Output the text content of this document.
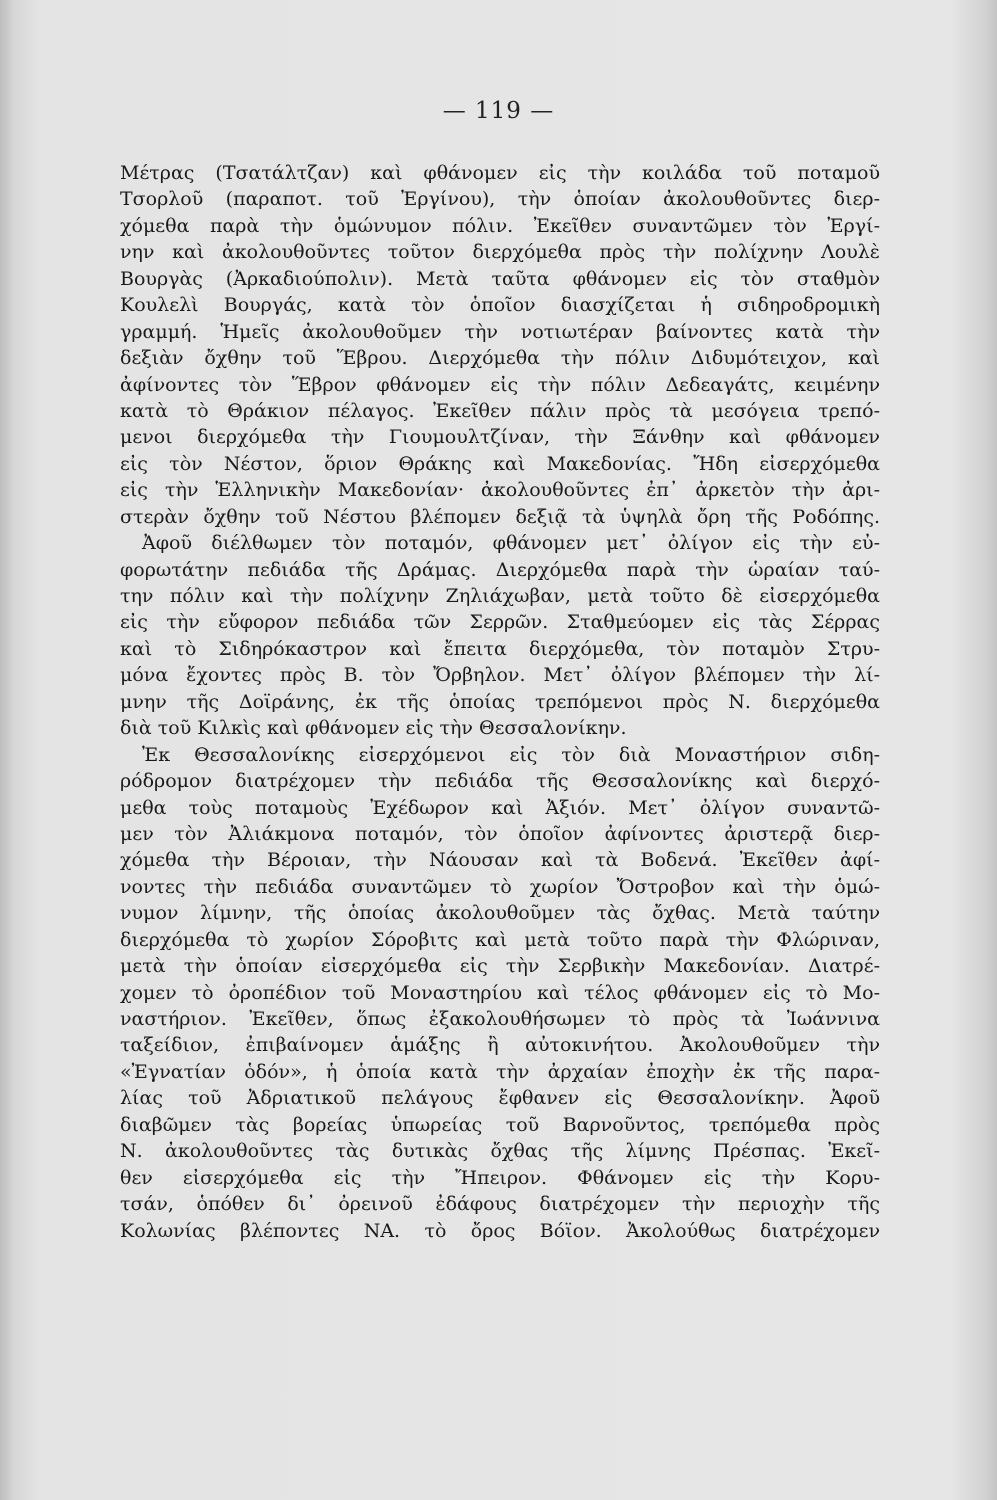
— 119 —
Μέτρας (Τσατάλτζαν) καὶ φθάνομεν εἰς τὴν κοιλάδα τοῦ ποταμοῦ
Τσορλοῦ (παραποτ. τοῦ Ἐργίνου), τὴν ὁποίαν ἀκολουθοῦντες διερ-
χόμεθα παρὰ τὴν ὁμώνυμον πόλιν. Ἐκεῖθεν συναντῶμεν τὸν Ἐργί-
νην καὶ ἀκολουθοῦντες τοῦτον διερχόμεθα πρὸς τὴν πολίχνην Λουλὲ
Βουργὰς (Ἀρκαδιούπολιν). Μετὰ ταῦτα φθάνομεν εἰς τὸν σταθμὸν
Κουλελὶ Βουργάς, κατὰ τὸν ὁποῖον διασχίζεται ἡ σιδηροδρομικὴ
γραμμή. Ἡμεῖς ἀκολουθοῦμεν τὴν νοτιωτέραν βαίνοντες κατὰ τὴν
δεξιὰν ὄχθην τοῦ Ἕβρου. Διερχόμεθα τὴν πόλιν Διδυμότειχον, καὶ
ἀφίνοντες τὸν Ἕβρον φθάνομεν εἰς τὴν πόλιν Δεδεαγάτς, κειμένην
κατὰ τὸ Θράκιον πέλαγος. Ἐκεῖθεν πάλιν πρὸς τὰ μεσόγεια τρεπό-
μενοι διερχόμεθα τὴν Γιουμουλτζίναν, τὴν Ξάνθην καὶ φθάνομεν
εἰς τὸν Νέστον, ὅριον Θράκης καὶ Μακεδονίας. Ἤδη εἰσερχόμεθα
εἰς τὴν Ἑλληνικὴν Μακεδονίαν· ἀκολουθοῦντες ἐπ᾽ ἀρκετὸν τὴν ἀρι-
στερὰν ὄχθην τοῦ Νέστου βλέπομεν δεξιᾷ τὰ ὑψηλὰ ὄρη τῆς Ροδόπης.
Ἀφοῦ διέλθωμεν τὸν ποταμόν, φθάνομεν μετ᾽ ὀλίγον εἰς τὴν εὐ-
φορωτάτην πεδιάδα τῆς Δράμας. Διερχόμεθα παρὰ τὴν ὡραίαν ταύ-
την πόλιν καὶ τὴν πολίχνην Ζηλιάχωβαν, μετὰ τοῦτο δὲ εἰσερχόμεθα
εἰς τὴν εὔφορον πεδιάδα τῶν Σερρῶν. Σταθμεύομεν εἰς τὰς Σέρρας
καὶ τὸ Σιδηρόκαστρον καὶ ἔπειτα διερχόμεθα, τὸν ποταμὸν Στρυ-
μόνα ἔχοντες πρὸς Β. τὸν Ὄρβηλον. Μετ᾽ ὀλίγον βλέπομεν τὴν λί-
μνην τῆς Δοϊράνης, ἐκ τῆς ὁποίας τρεπόμενοι πρὸς Ν. διερχόμεθα
διὰ τοῦ Κιλκὶς καὶ φθάνομεν εἰς τὴν Θεσσαλονίκην.
Ἐκ Θεσσαλονίκης εἰσερχόμενοι εἰς τὸν διὰ Μοναστήριον σιδη-
ρόδρομον διατρέχομεν τὴν πεδιάδα τῆς Θεσσαλονίκης καὶ διερχό-
μεθα τοὺς ποταμοὺς Ἐχέδωρον καὶ Ἀξιόν. Μετ᾽ ὀλίγον συναντῶ-
μεν τὸν Ἀλιάκμονα ποταμόν, τὸν ὁποῖον ἀφίνοντες ἀριστερᾷ διερ-
χόμεθα τὴν Βέροιαν, τὴν Νάουσαν καὶ τὰ Βοδενά. Ἐκεῖθεν ἀφί-
νοντες τὴν πεδιάδα συναντῶμεν τὸ χωρίον Ὄστροβον καὶ τὴν ὁμώ-
νυμον λίμνην, τῆς ὁποίας ἀκολουθοῦμεν τὰς ὄχθας. Μετὰ ταύτην
διερχόμεθα τὸ χωρίον Σόροβιτς καὶ μετὰ τοῦτο παρὰ τὴν Φλώριναν,
μετὰ τὴν ὁποίαν εἰσερχόμεθα εἰς τὴν Σερβικὴν Μακεδονίαν. Διατρέ-
χομεν τὸ ὀροπέδιον τοῦ Μοναστηρίου καὶ τέλος φθάνομεν εἰς τὸ Μο-
ναστήριον. Ἐκεῖθεν, ὅπως ἐξακολουθήσωμεν τὸ πρὸς τὰ Ἰωάννινα
ταξείδιον, ἐπιβαίνομεν ἁμάξης ἢ αὐτοκινήτου. Ἀκολουθοῦμεν τὴν
«Ἐγνατίαν ὁδόν», ἡ ὁποία κατὰ τὴν ἀρχαίαν ἐποχὴν ἐκ τῆς παρα-
λίας τοῦ Ἀδριατικοῦ πελάγους ἔφθανεν εἰς Θεσσαλονίκην. Ἀφοῦ
διαβῶμεν τὰς βορείας ὑπωρείας τοῦ Βαρνοῦντος, τρεπόμεθα πρὸς
Ν. ἀκολουθοῦντες τὰς δυτικὰς ὄχθας τῆς λίμνης Πρέσπας. Ἐκεῖ-
θεν εἰσερχόμεθα εἰς τὴν Ἤπειρον. Φθάνομεν εἰς τὴν Κορυ-
τσάν, ὁπόθεν δι᾽ ὀρεινοῦ ἐδάφους διατρέχομεν τὴν περιοχὴν τῆς
Κολωνίας βλέποντες ΝΑ. τὸ ὄρος Βόϊον. Ἀκολούθως διατρέχομεν
